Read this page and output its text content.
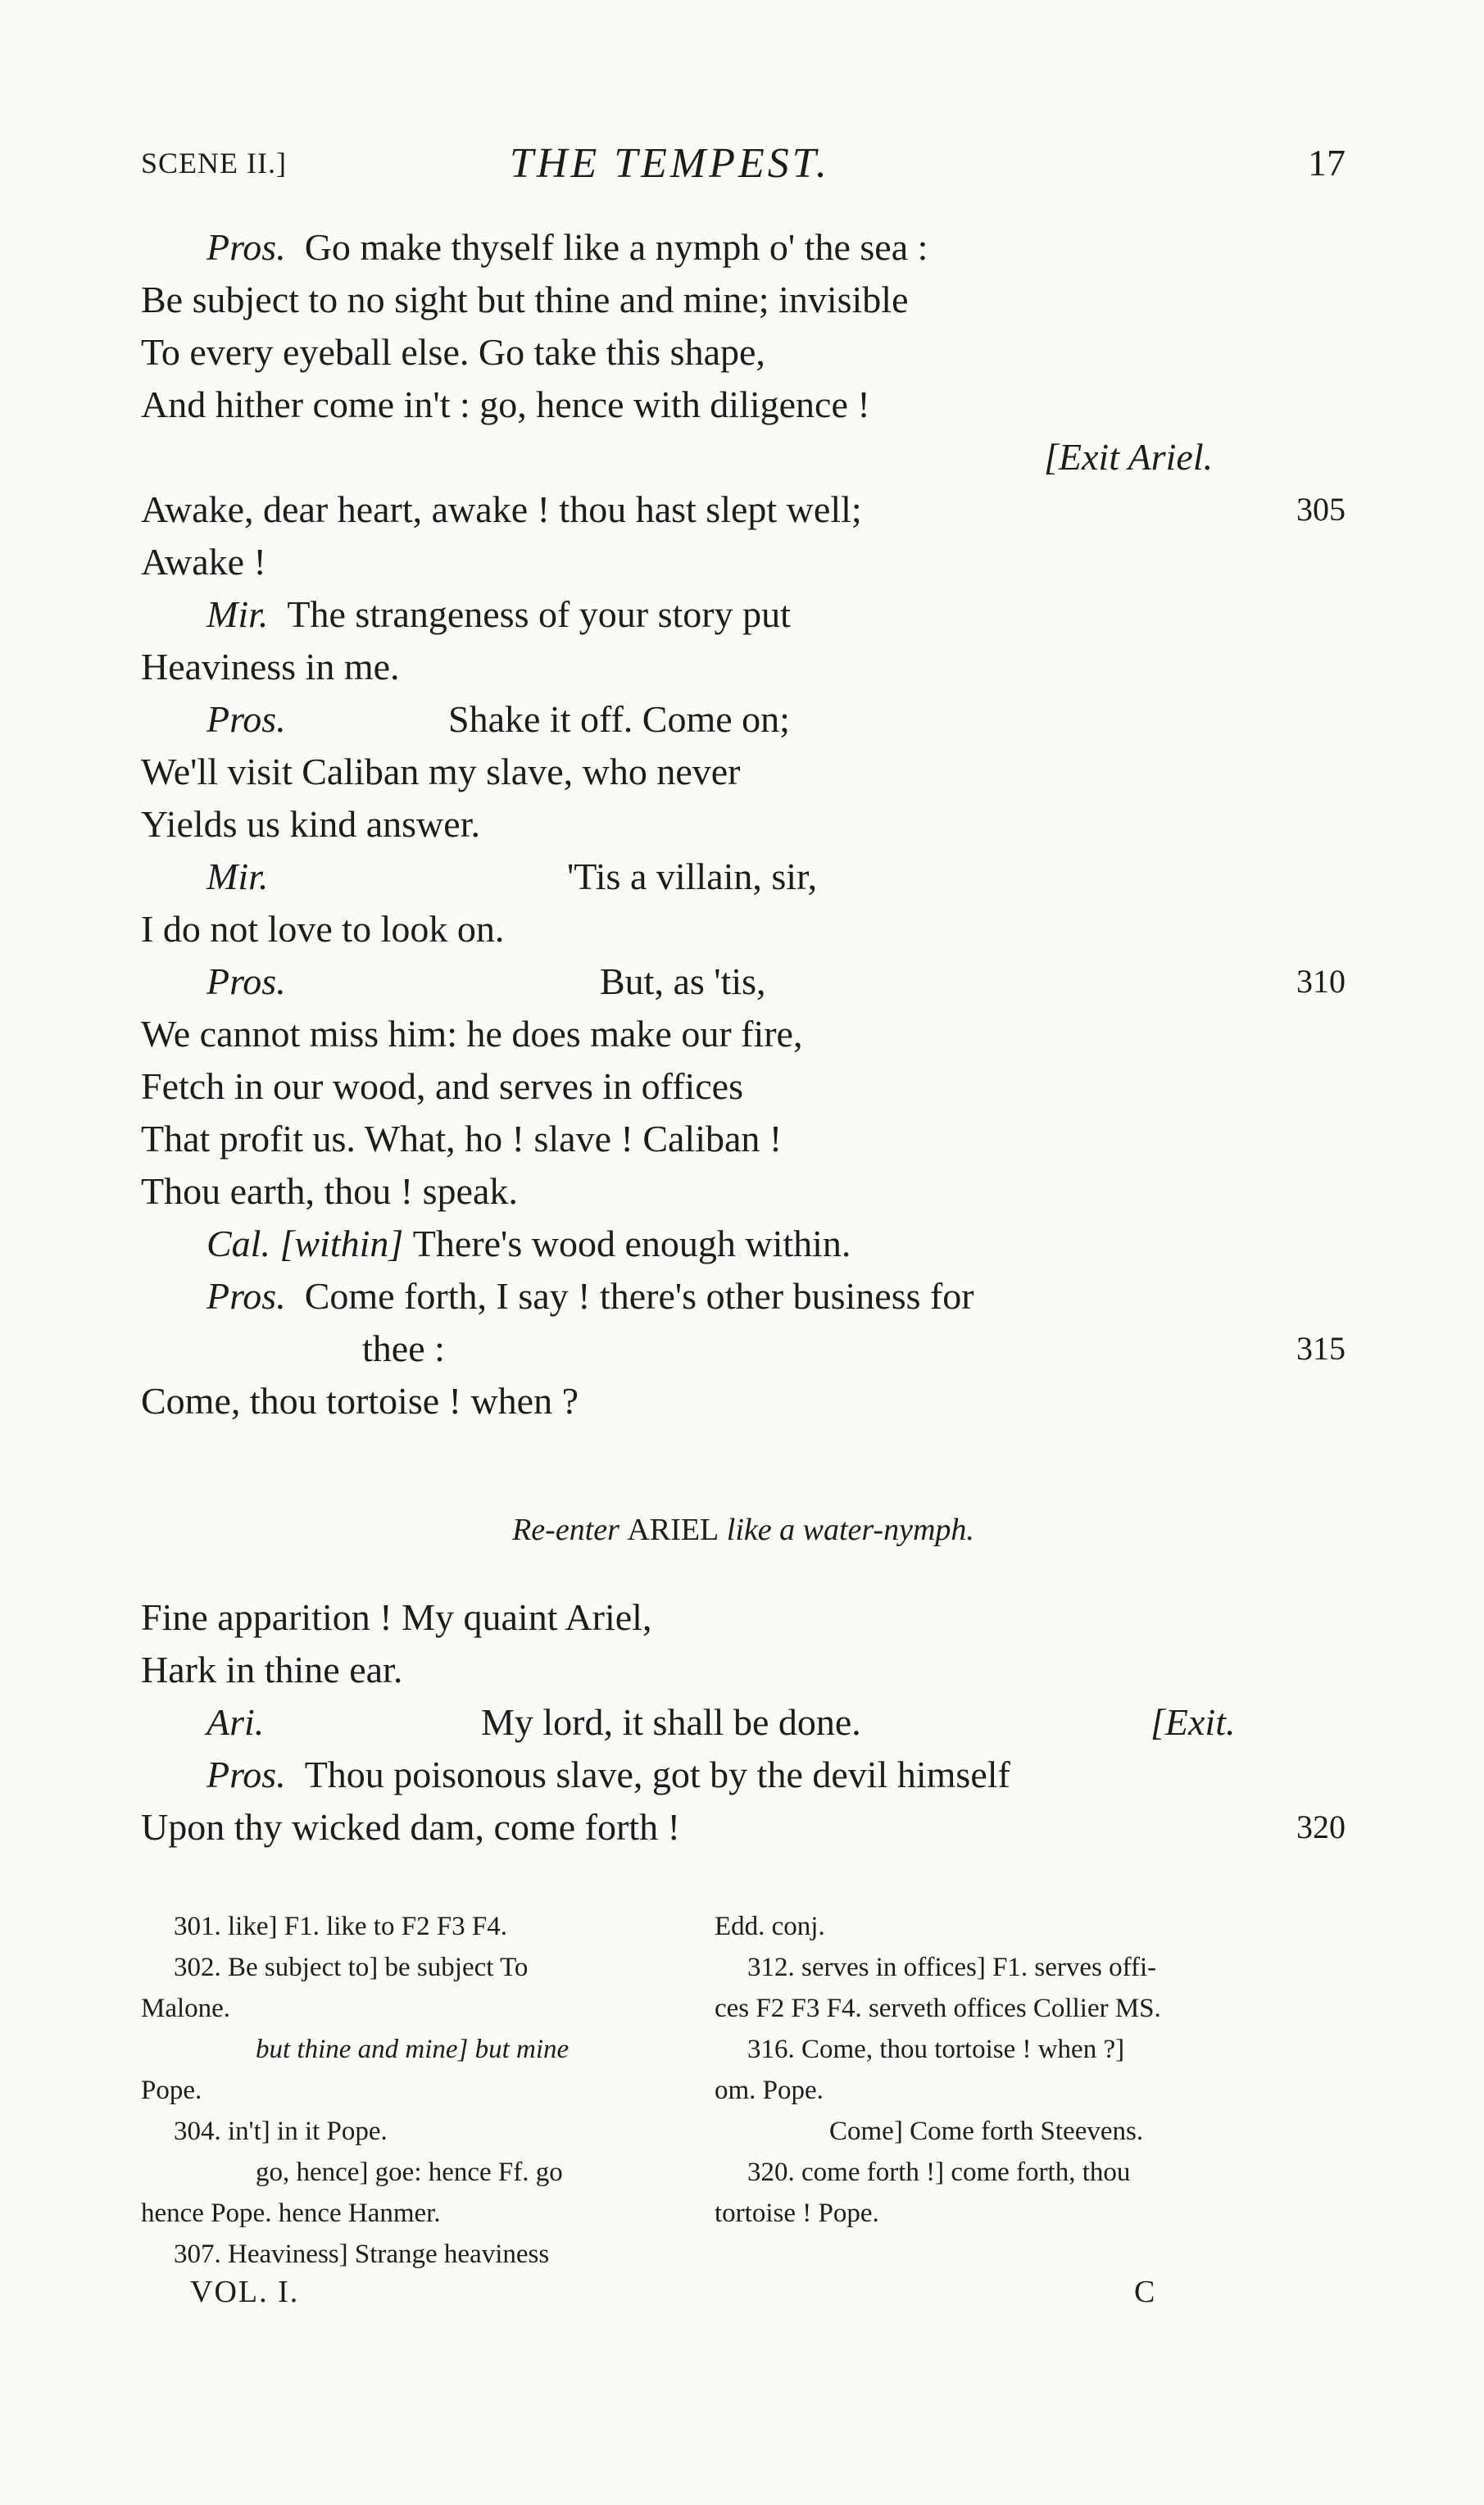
SCENE II.]	THE TEMPEST.	17
Pros. Go make thyself like a nymph o' the sea :
Be subject to no sight but thine and mine; invisible
To every eyeball else. Go take this shape,
And hither come in't : go, hence with diligence !
[Exit Ariel.
Awake, dear heart, awake ! thou hast slept well;	305
Awake !
Mir. The strangeness of your story put
Heaviness in me.
Pros.	Shake it off. Come on;
We'll visit Caliban my slave, who never
Yields us kind answer.
Mir.	'Tis a villain, sir,
I do not love to look on.
Pros.	But, as 'tis,	310
We cannot miss him: he does make our fire,
Fetch in our wood, and serves in offices
That profit us. What, ho ! slave ! Caliban !
Thou earth, thou ! speak.
Cal. [within] There's wood enough within.
Pros. Come forth, I say ! there's other business for
thee :	315
Come, thou tortoise ! when ?
Re-enter ARIEL like a water-nymph.
Fine apparition ! My quaint Ariel,
Hark in thine ear.
Ari.	My lord, it shall be done.	[Exit.
Pros. Thou poisonous slave, got by the devil himself
Upon thy wicked dam, come forth !	320
301. like] F1. like to F2 F3 F4.
302. Be subject to] be subject To
Malone.
but thine and mine] but mine
Pope.
304. in't] in it Pope.
go, hence] goe: hence Ff. go
hence Pope. hence Hanmer.
307. Heaviness] Strange heaviness
Edd. conj.
312. serves in offices] F1. serves offi-
ces F2 F3 F4. serveth offices Collier MS.
316. Come, thou tortoise ! when ?]
om. Pope.
Come] Come forth Steevens.
320. come forth !] come forth, thou
tortoise ! Pope.
VOL. I.	C
